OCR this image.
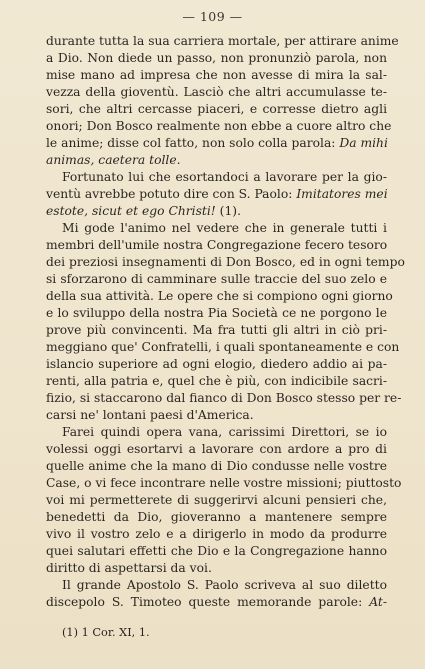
— 109 —
durante tutta la sua carriera mortale, per attirare anime
a Dio. Non diede un passo, non pronunziò parola, non
mise mano ad impresa che non avesse di mira la sal-
vezza della gioventù. Lasciò che altri accumulasse te-
sori, che altri cercasse piaceri, e corresse dietro agli
onori; Don Bosco realmente non ebbe a cuore altro che
le anime; disse col fatto, non solo colla parola: Da mihi
animas, caetera tolle.
Fortunato lui che esortandoci a lavorare per la gio-
ventù avrebbe potuto dire con S. Paolo: Imitatores mei
estote, sicut et ego Christi! (1).
Mi gode l'animo nel vedere che in generale tutti i
membri dell'umile nostra Congregazione fecero tesoro
dei preziosi insegnamenti di Don Bosco, ed in ogni tempo
si sforzarono di camminare sulle traccie del suo zelo e
della sua attività. Le opere che si compiono ogni giorno
e lo sviluppo della nostra Pia Società ce ne porgono le
prove più convincenti. Ma fra tutti gli altri in ciò pri-
meggiano que' Confratelli, i quali spontaneamente e con
islancio superiore ad ogni elogio, diedero addio ai pa-
renti, alla patria e, quel che è più, con indicibile sacri-
fizio, si staccarono dal fianco di Don Bosco stesso per re-
carsi ne' lontani paesi d'America.
Farei quindi opera vana, carissimi Direttori, se io
volessi oggi esortarvi a lavorare con ardore a pro di
quelle anime che la mano di Dio condusse nelle vostre
Case, o vi fece incontrare nelle vostre missioni; piuttosto
voi mi permetterete di suggerirvi alcuni pensieri che,
benedetti da Dio, gioveranno a mantenere sempre
vivo il vostro zelo e a dirigerlo in modo da produrre
quei salutari effetti che Dio e la Congregazione hanno
diritto di aspettarsi da voi.
Il grande Apostolo S. Paolo scriveva al suo diletto
discepolo S. Timoteo queste memorande parole: At-
(1) 1 Cor. XI, 1.
